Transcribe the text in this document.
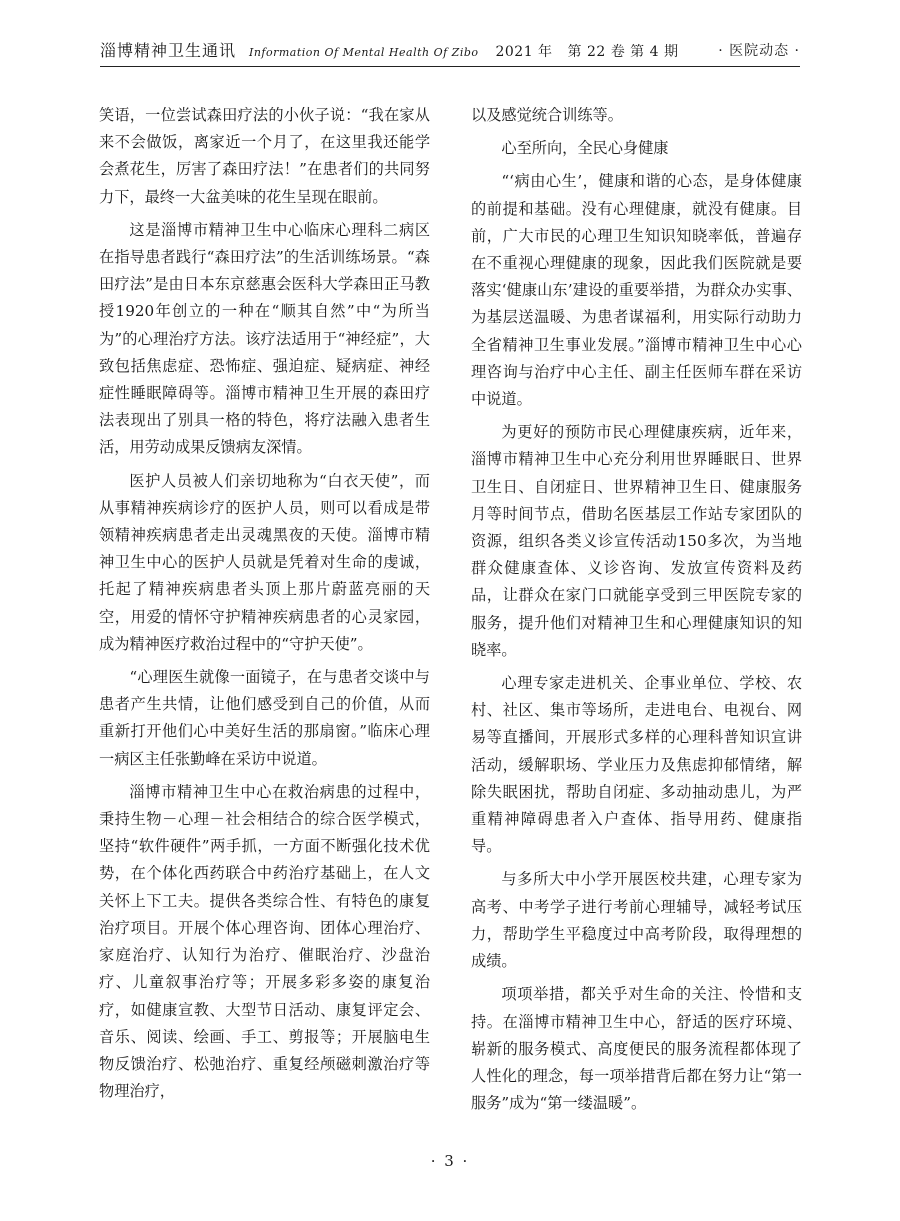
淄博精神卫生通讯 Information Of Mental Health Of Zibo 2021 年 第 22 卷 第 4 期	· 医院动态 ·

笑语，一位尝试森田疗法的小伙子说：“我在家从来不会做饭，离家近一个月了，在这里我还能学会煮花生，厉害了森田疗法！”在患者们的共同努力下，最终一大盆美味的花生呈现在眼前。

这是淄博市精神卫生中心临床心理科二病区在指导患者践行“森田疗法”的生活训练场景。“森田疗法”是由日本东京慈惠会医科大学森田正马教授1920年创立的一种在“顺其自然”中“为所当为”的心理治疗方法。该疗法适用于“神经症”，大致包括焦虑症、恐怖症、强迫症、疑病症、神经症性睡眠障碍等。淄博市精神卫生开展的森田疗法表现出了别具一格的特色，将疗法融入患者生活，用劳动成果反馈病友深情。

医护人员被人们亲切地称为“白衣天使”，而从事精神疾病诊疗的医护人员，则可以看成是带领精神疾病患者走出灵魂黑夜的天使。淄博市精神卫生中心的医护人员就是凭着对生命的虔诚，托起了精神疾病患者头顶上那片蔚蓝亮丽的天空，用爱的情怀守护精神疾病患者的心灵家园，成为精神医疗救治过程中的“守护天使”。

“心理医生就像一面镜子，在与患者交谈中与患者产生共情，让他们感受到自己的价值，从而重新打开他们心中美好生活的那扇窗。”临床心理一病区主任张勤峰在采访中说道。

淄博市精神卫生中心在救治病患的过程中，秉持生物－心理－社会相结合的综合医学模式，坚持“软件硬件”两手抓，一方面不断强化技术优势，在个体化西药联合中药治疗基础上，在人文关怀上下工夫。提供各类综合性、有特色的康复治疗项目。开展个体心理咨询、团体心理治疗、家庭治疗、认知行为治疗、催眠治疗、沙盘治疗、儿童叙事治疗等；开展多彩多姿的康复治疗，如健康宣教、大型节日活动、康复评定会、音乐、阅读、绘画、手工、剪报等；开展脑电生物反馈治疗、松弛治疗、重复经颅磁刺激治疗等物理治疗，

以及感觉统合训练等。

心至所向，全民心身健康

“‘病由心生’，健康和谐的心态，是身体健康的前提和基础。没有心理健康，就没有健康。目前，广大市民的心理卫生知识知晓率低，普遍存在不重视心理健康的现象，因此我们医院就是要落实‘健康山东’建设的重要举措，为群众办实事、为基层送温暖、为患者谋福利，用实际行动助力全省精神卫生事业发展。”淄博市精神卫生中心心理咨询与治疗中心主任、副主任医师车群在采访中说道。

为更好的预防市民心理健康疾病，近年来，淄博市精神卫生中心充分利用世界睡眠日、世界卫生日、自闭症日、世界精神卫生日、健康服务月等时间节点，借助名医基层工作站专家团队的资源，组织各类义诊宣传活动150多次，为当地群众健康查体、义诊咨询、发放宣传资料及药品，让群众在家门口就能享受到三甲医院专家的服务，提升他们对精神卫生和心理健康知识的知晓率。

心理专家走进机关、企事业单位、学校、农村、社区、集市等场所，走进电台、电视台、网易等直播间，开展形式多样的心理科普知识宣讲活动，缓解职场、学业压力及焦虑抑郁情绪，解除失眠困扰，帮助自闭症、多动抽动患儿，为严重精神障碍患者入户查体、指导用药、健康指导。

与多所大中小学开展医校共建，心理专家为高考、中考学子进行考前心理辅导，减轻考试压力，帮助学生平稳度过中高考阶段，取得理想的成绩。

项项举措，都关乎对生命的关注、怜惜和支持。在淄博市精神卫生中心，舒适的医疗环境、崭新的服务模式、高度便民的服务流程都体现了人性化的理念，每一项举措背后都在努力让“第一服务”成为“第一缕温暖”。

· 3 ·
